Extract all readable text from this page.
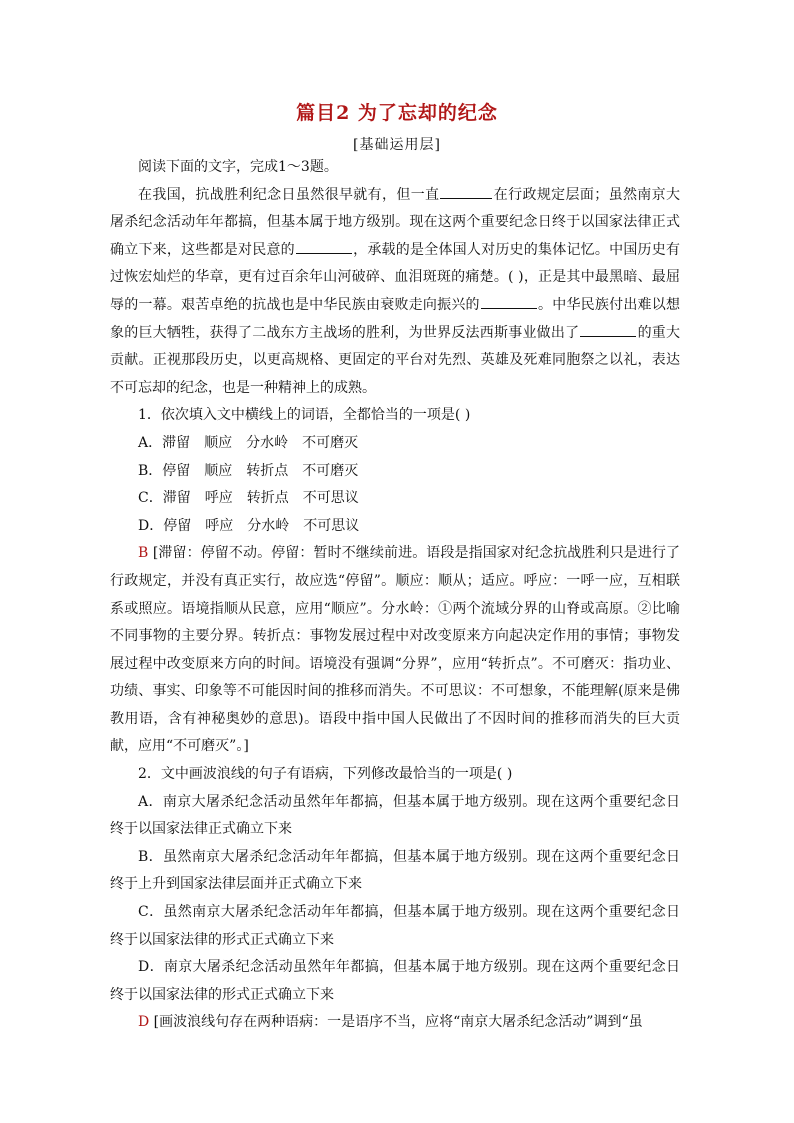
篇目2 为了忘却的纪念
[基础运用层]

阅读下面的文字，完成1～3题。

在我国，抗战胜利纪念日虽然很早就有，但一直	在行政规定层面；虽然南京大屠杀纪念活动年年都搞，但基本属于地方级别。现在这两个重要纪念日终于以国家法律正式确立下来，这些都是对民意的	，承载的是全体国人对历史的集体记忆。中国历史有过恢宏灿烂的华章，更有过百余年山河破碎、血泪斑斑的痛楚。( )，正是其中最黑暗、最屈辱的一幕。艰苦卓绝的抗战也是中华民族由衰败走向振兴的	。中华民族付出难以想象的巨大牺牲，获得了二战东方主战场的胜利，为世界反法西斯事业做出了	的重大贡献。正视那段历史，以更高规格、更固定的平台对先烈、英雄及死难同胞祭之以礼，表达不可忘却的纪念，也是一种精神上的成熟。

1．依次填入文中横线上的词语，全都恰当的一项是( )

A．滞留　顺应　分水岭　不可磨灭

B．停留　顺应　转折点　不可磨灭

C．滞留　呼应　转折点　不可思议

D．停留　呼应　分水岭　不可思议

B [滞留：停留不动。停留：暂时不继续前进。语段是指国家对纪念抗战胜利只是进行了行政规定，并没有真正实行，故应选“停留”。顺应：顺从；适应。呼应：一呼一应，互相联系或照应。语境指顺从民意，应用“顺应”。分水岭：①两个流域分界的山脊或高原。②比喻不同事物的主要分界。转折点：事物发展过程中对改变原来方向起决定作用的事情；事物发展过程中改变原来方向的时间。语境没有强调“分界”，应用“转折点”。不可磨灭：指功业、功绩、事实、印象等不可能因时间的推移而消失。不可思议：不可想象，不能理解(原来是佛教用语，含有神秘奥妙的意思)。语段中指中国人民做出了不因时间的推移而消失的巨大贡献，应用“不可磨灭”。]

2．文中画波浪线的句子有语病，下列修改最恰当的一项是( )

A．南京大屠杀纪念活动虽然年年都搞，但基本属于地方级别。现在这两个重要纪念日终于以国家法律正式确立下来

B．虽然南京大屠杀纪念活动年年都搞，但基本属于地方级别。现在这两个重要纪念日终于上升到国家法律层面并正式确立下来

C．虽然南京大屠杀纪念活动年年都搞，但基本属于地方级别。现在这两个重要纪念日终于以国家法律的形式正式确立下来

D．南京大屠杀纪念活动虽然年年都搞，但基本属于地方级别。现在这两个重要纪念日终于以国家法律的形式正式确立下来

D [画波浪线句存在两种语病：一是语序不当，应将“南京大屠杀纪念活动”调到“虽
